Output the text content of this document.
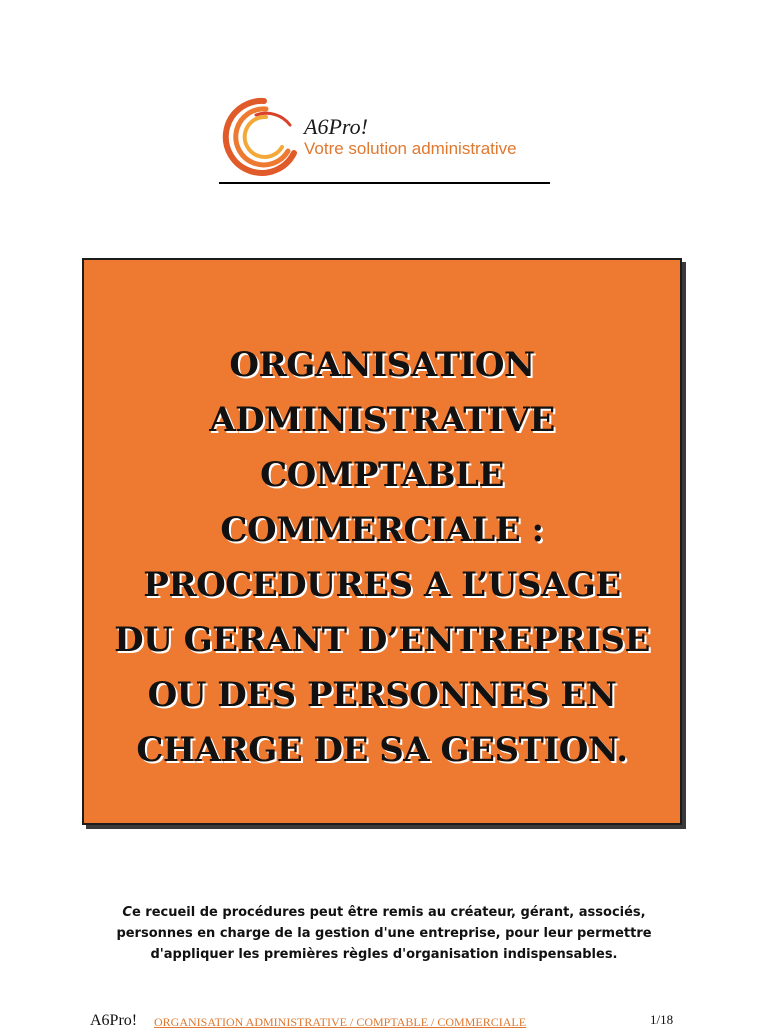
A6Pro!
Votre solution administrative
ORGANISATION
ADMINISTRATIVE
COMPTABLE
COMMERCIALE :
PROCEDURES A L’USAGE
DU GERANT D’ENTREPRISE
OU DES PERSONNES EN
CHARGE DE SA GESTION.

Ce recueil de procédures peut être remis au créateur, gérant, associés,
personnes en charge de la gestion d'une entreprise, pour leur permettre
d'appliquer les premières règles d'organisation indispensables.

A6Pro! ORGANISATION ADMINISTRATIVE / COMPTABLE / COMMERCIALE	1/18
